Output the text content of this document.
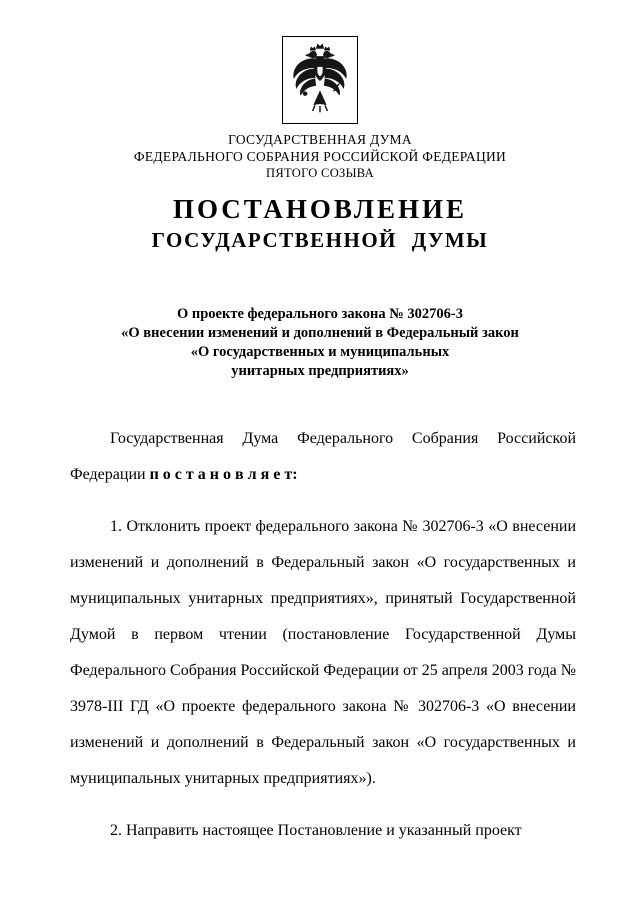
ГОСУДАРСТВЕННАЯ ДУМА
ФЕДЕРАЛЬНОГО СОБРАНИЯ РОССИЙСКОЙ ФЕДЕРАЦИИ
ПЯТОГО СОЗЫВА
ПОСТАНОВЛЕНИЕ
ГОСУДАРСТВЕННОЙ ДУМЫ
О проекте федерального закона № 302706-3
«О внесении изменений и дополнений в Федеральный закон
«О государственных и муниципальных
унитарных предприятиях»

Государственная Дума Федерального Собрания Российской Федерации п о с т а н о в л я е т:

1. Отклонить проект федерального закона № 302706-3 «О внесении изменений и дополнений в Федеральный закон «О государственных и муниципальных унитарных предприятиях», принятый Государственной Думой в первом чтении (постановление Государственной Думы Федерального Собрания Российской Федерации от 25 апреля 2003 года № 3978-III ГД «О проекте федерального закона № 302706-3 «О внесении изменений и дополнений в Федеральный закон «О государственных и муниципальных унитарных предприятиях»).

2. Направить настоящее Постановление и указанный проект
